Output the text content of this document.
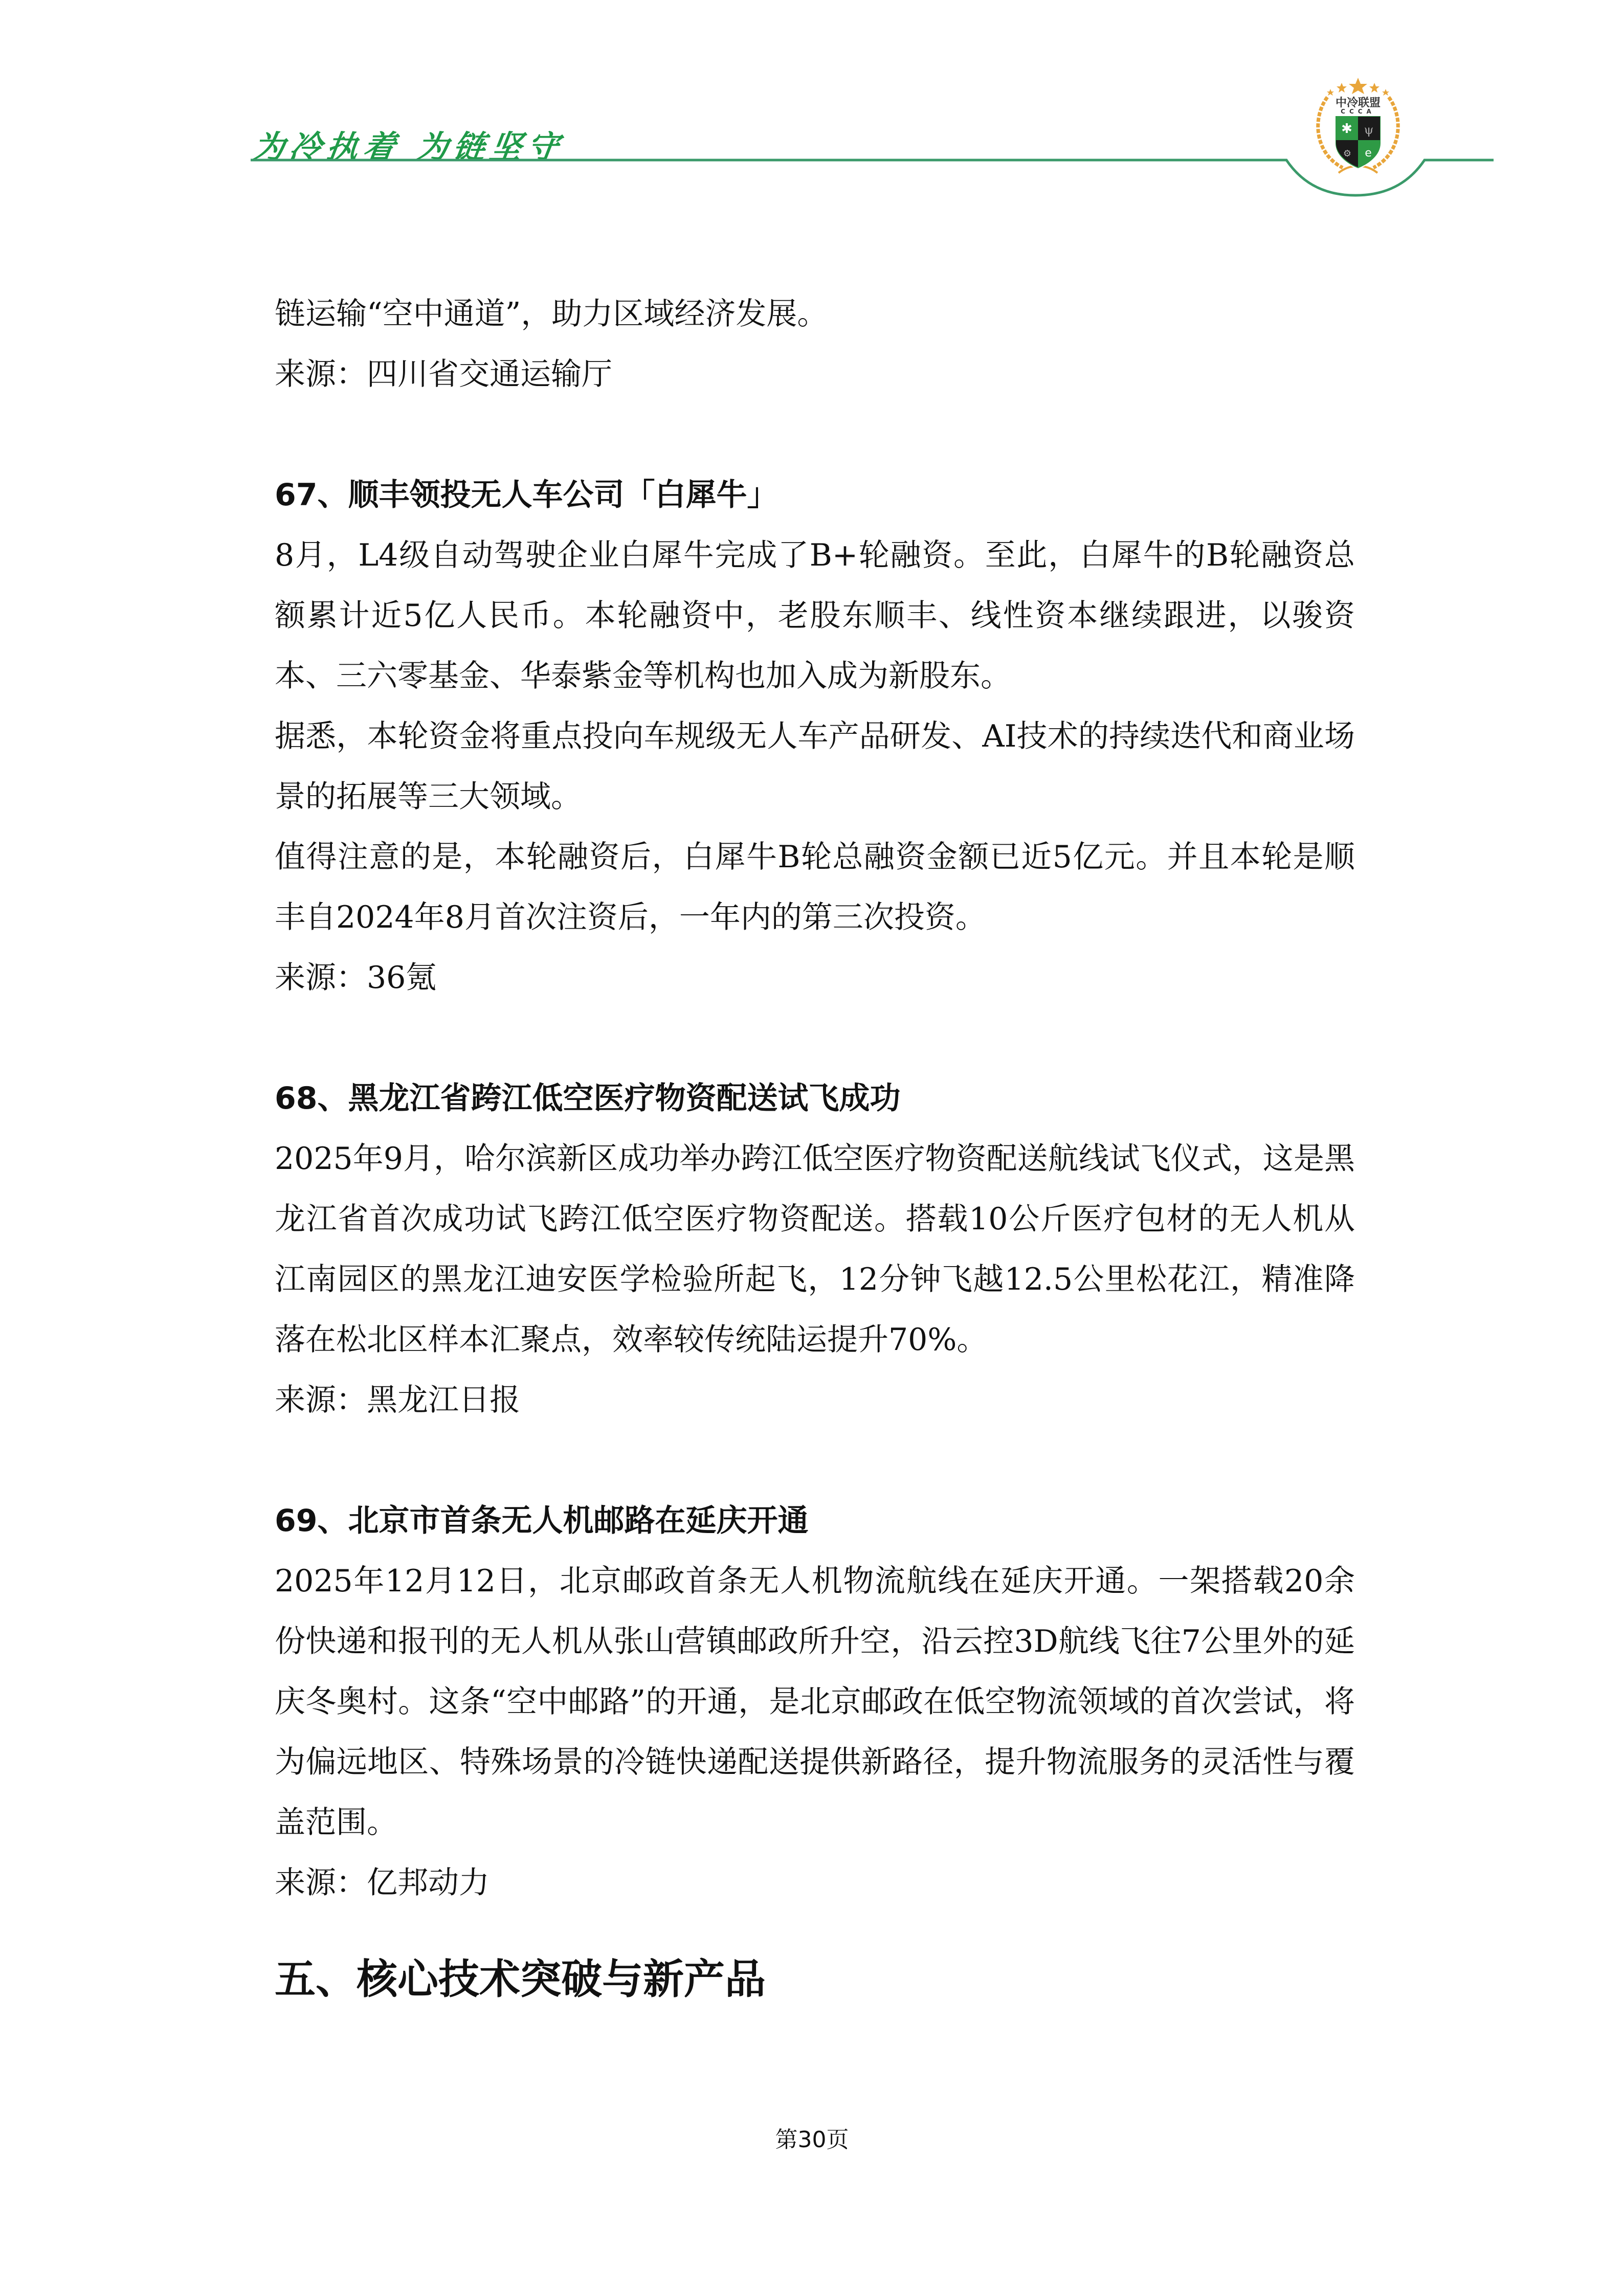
为冷执着 为链坚守
中冷联盟
CCCA
✱ ψ
⚙ e

链运输“空中通道”，助力区域经济发展。

来源：四川省交通运输厅

67、顺丰领投无人车公司「白犀牛」

8月，L4级自动驾驶企业白犀牛完成了B+轮融资。至此，白犀牛的B轮融资总额累计近5亿人民币。本轮融资中，老股东顺丰、线性资本继续跟进，以骏资本、三六零基金、华泰紫金等机构也加入成为新股东。

据悉，本轮资金将重点投向车规级无人车产品研发、AI技术的持续迭代和商业场景的拓展等三大领域。

值得注意的是，本轮融资后，白犀牛B轮总融资金额已近5亿元。并且本轮是顺丰自2024年8月首次注资后，一年内的第三次投资。

来源：36氪

68、黑龙江省跨江低空医疗物资配送试飞成功

2025年9月，哈尔滨新区成功举办跨江低空医疗物资配送航线试飞仪式，这是黑龙江省首次成功试飞跨江低空医疗物资配送。搭载10公斤医疗包材的无人机从江南园区的黑龙江迪安医学检验所起飞，12分钟飞越12.5公里松花江，精准降落在松北区样本汇聚点，效率较传统陆运提升70%。

来源：黑龙江日报

69、北京市首条无人机邮路在延庆开通

2025年12月12日，北京邮政首条无人机物流航线在延庆开通。一架搭载20余份快递和报刊的无人机从张山营镇邮政所升空，沿云控3D航线飞往7公里外的延庆冬奥村。这条“空中邮路”的开通，是北京邮政在低空物流领域的首次尝试，将为偏远地区、特殊场景的冷链快递配送提供新路径，提升物流服务的灵活性与覆盖范围。

来源：亿邦动力

五、核心技术突破与新产品
第30页
